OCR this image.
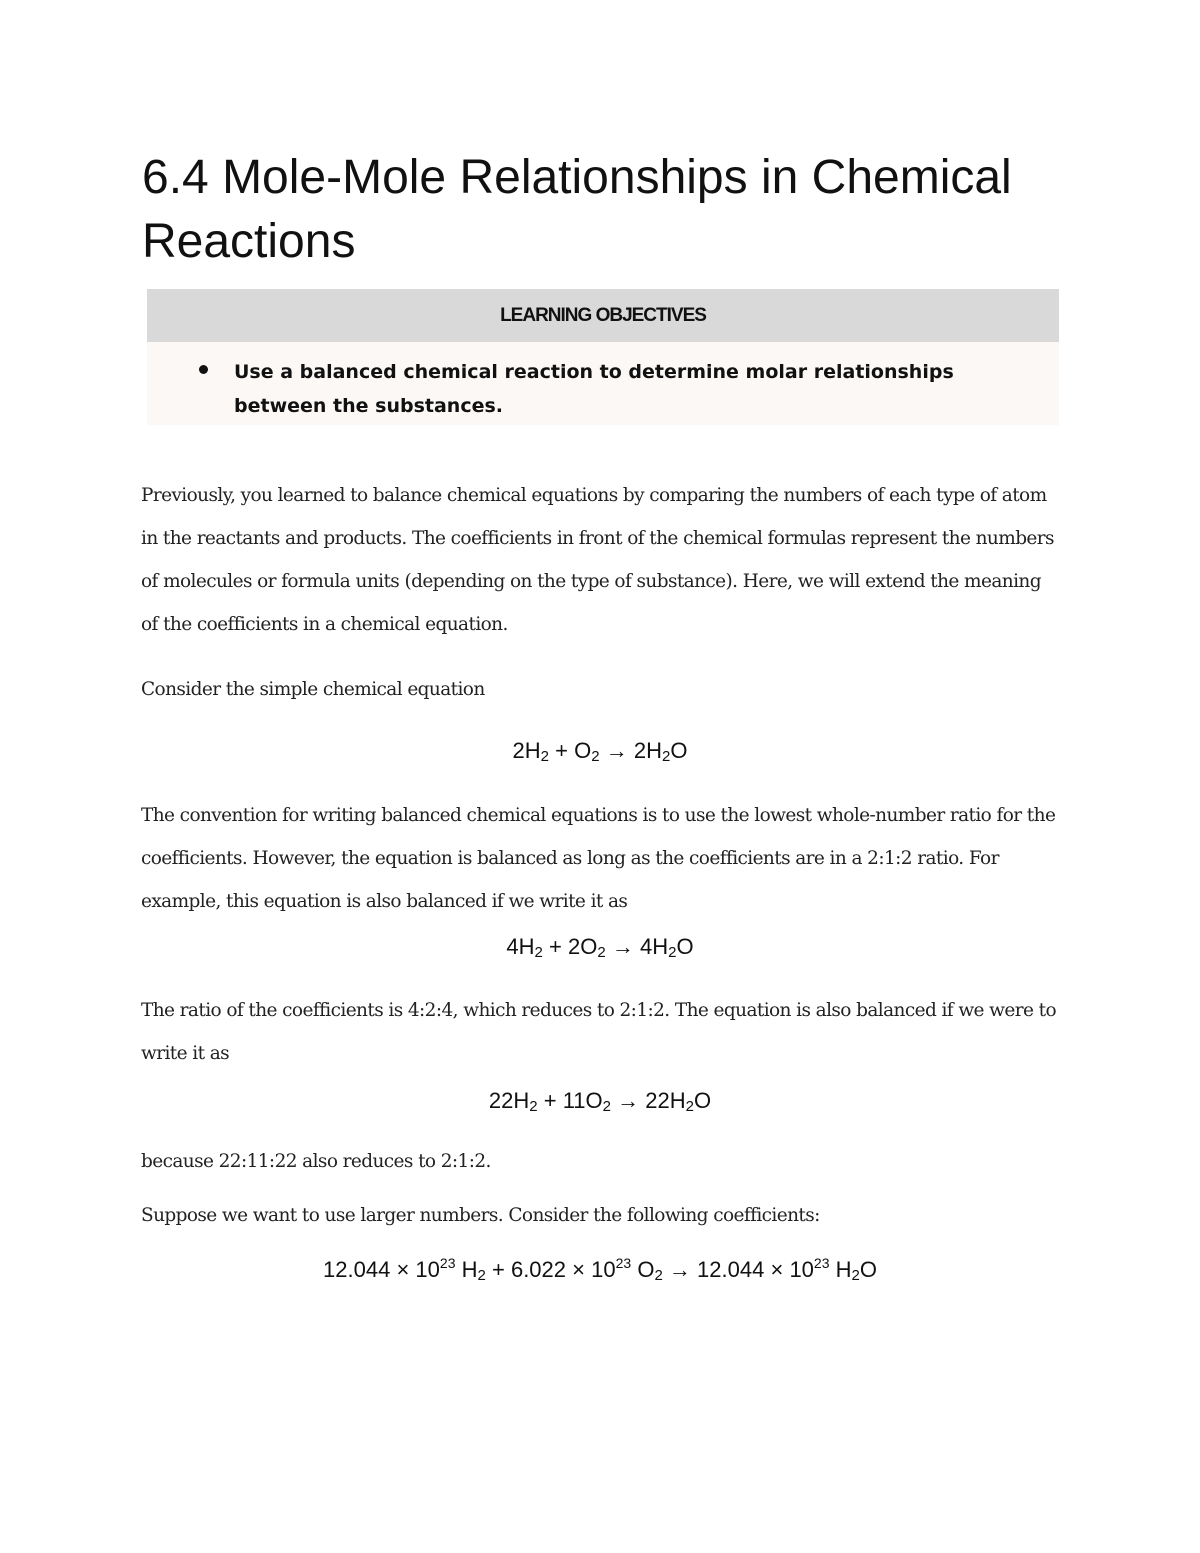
6.4 Mole-Mole Relationships in Chemical Reactions
LEARNING OBJECTIVES
Use a balanced chemical reaction to determine molar relationships between the substances.

Previously, you learned to balance chemical equations by comparing the numbers of each type of atom in the reactants and products. The coefficients in front of the chemical formulas represent the numbers of molecules or formula units (depending on the type of substance). Here, we will extend the meaning of the coefficients in a chemical equation.

Consider the simple chemical equation

$2H_2 + O_2 \to 2H_2O$

The convention for writing balanced chemical equations is to use the lowest whole-number ratio for the coefficients. However, the equation is balanced as long as the coefficients are in a 2:1:2 ratio. For example, this equation is also balanced if we write it as

$4H_2 + 2O_2 \to 4H_2O$

The ratio of the coefficients is 4:2:4, which reduces to 2:1:2. The equation is also balanced if we were to write it as

$22H_2 + 11O_2 \to 22H_2O$

because 22:11:22 also reduces to 2:1:2.

Suppose we want to use larger numbers. Consider the following coefficients:

$12.044 \times 10^{23}$ $H_2 + 6.022 \times 10^{23}$ $O_2 \to 12.044 \times 10^{23}$ $H_2O$
